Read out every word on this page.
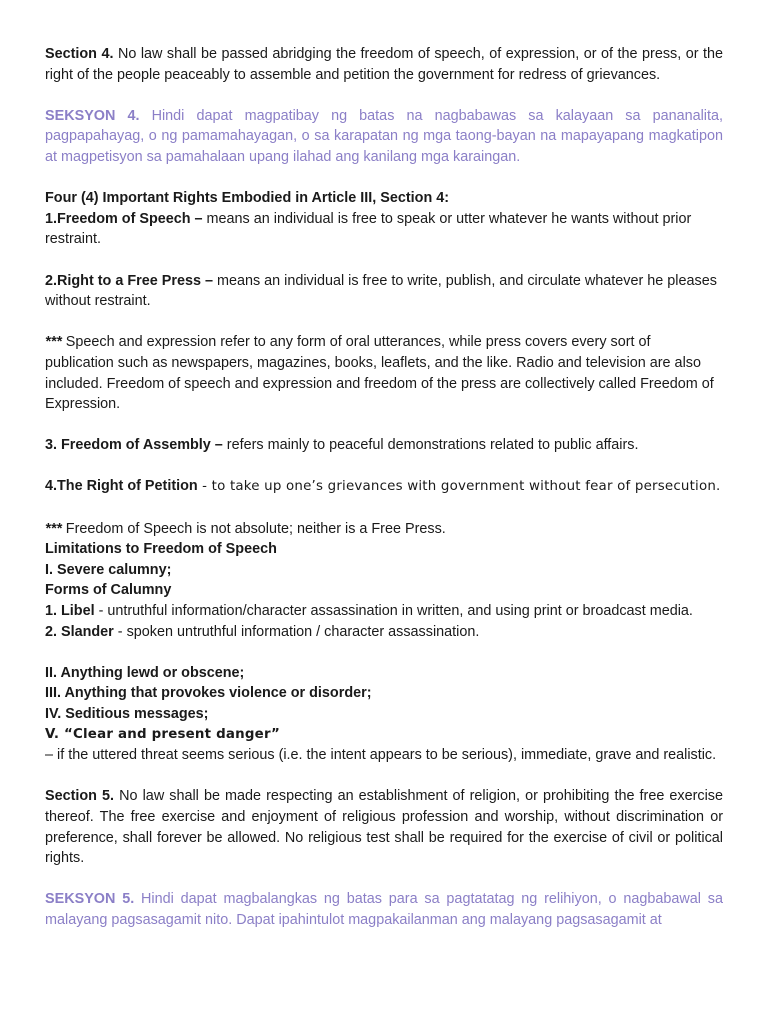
Section 4. No law shall be passed abridging the freedom of speech, of expression, or of the press, or the right of the people peaceably to assemble and petition the government for redress of grievances.

SEKSYON 4. Hindi dapat magpatibay ng batas na nagbabawas sa kalayaan sa pananalita, pagpapahayag, o ng pamamahayagan, o sa karapatan ng mga taong-bayan na mapayapang magkatipon at magpetisyon sa pamahalaan upang ilahad ang kanilang mga karaingan.

Four (4) Important Rights Embodied in Article III, Section 4:

1.Freedom of Speech – means an individual is free to speak or utter whatever he wants without prior restraint.

2.Right to a Free Press – means an individual is free to write, publish, and circulate whatever he pleases without restraint.

*** Speech and expression refer to any form of oral utterances, while press covers every sort of publication such as newspapers, magazines, books, leaflets, and the like. Radio and television are also included. Freedom of speech and expression and freedom of the press are collectively called Freedom of Expression.

3. Freedom of Assembly – refers mainly to peaceful demonstrations related to public affairs.

4.The Right of Petition - to take up one’s grievances with government without fear of persecution.

*** Freedom of Speech is not absolute; neither is a Free Press.

Limitations to Freedom of Speech

I. Severe calumny;

Forms of Calumny

1. Libel - untruthful information/character assassination in written, and using print or broadcast media.

2. Slander - spoken untruthful information / character assassination.

II. Anything lewd or obscene;

III. Anything that provokes violence or disorder;

IV. Seditious messages;

V. “Clear and present danger”

– if the uttered threat seems serious (i.e. the intent appears to be serious), immediate, grave and realistic.

Section 5. No law shall be made respecting an establishment of religion, or prohibiting the free exercise thereof. The free exercise and enjoyment of religious profession and worship, without discrimination or preference, shall forever be allowed. No religious test shall be required for the exercise of civil or political rights.

SEKSYON 5. Hindi dapat magbalangkas ng batas para sa pagtatatag ng relihiyon, o nagbabawal sa malayang pagsasagamit nito. Dapat ipahintulot magpakailanman ang malayang pagsasagamit at
